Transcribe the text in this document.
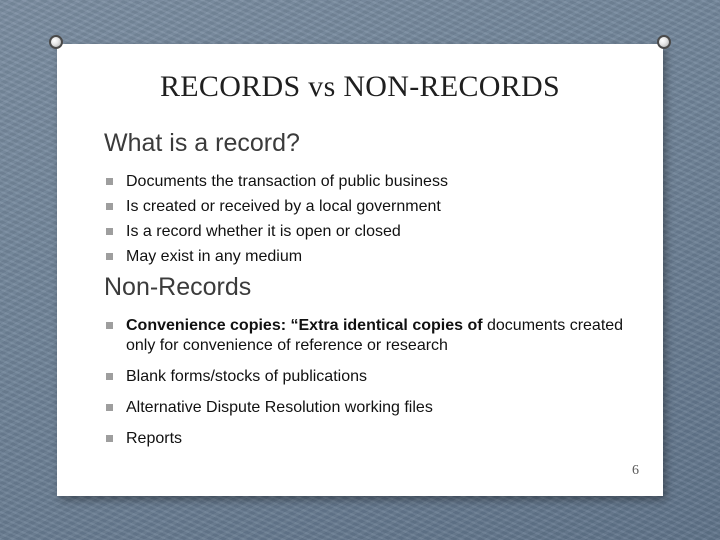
RECORDS vs NON-RECORDS
What is a record?
Documents the transaction of public business
Is created or received by a local government
Is a record whether it is open or closed
May exist in any medium
Non-Records
Convenience copies: “Extra identical copies of documents created only for convenience of reference or research
Blank forms/stocks of publications
Alternative Dispute Resolution working files
Reports
6
